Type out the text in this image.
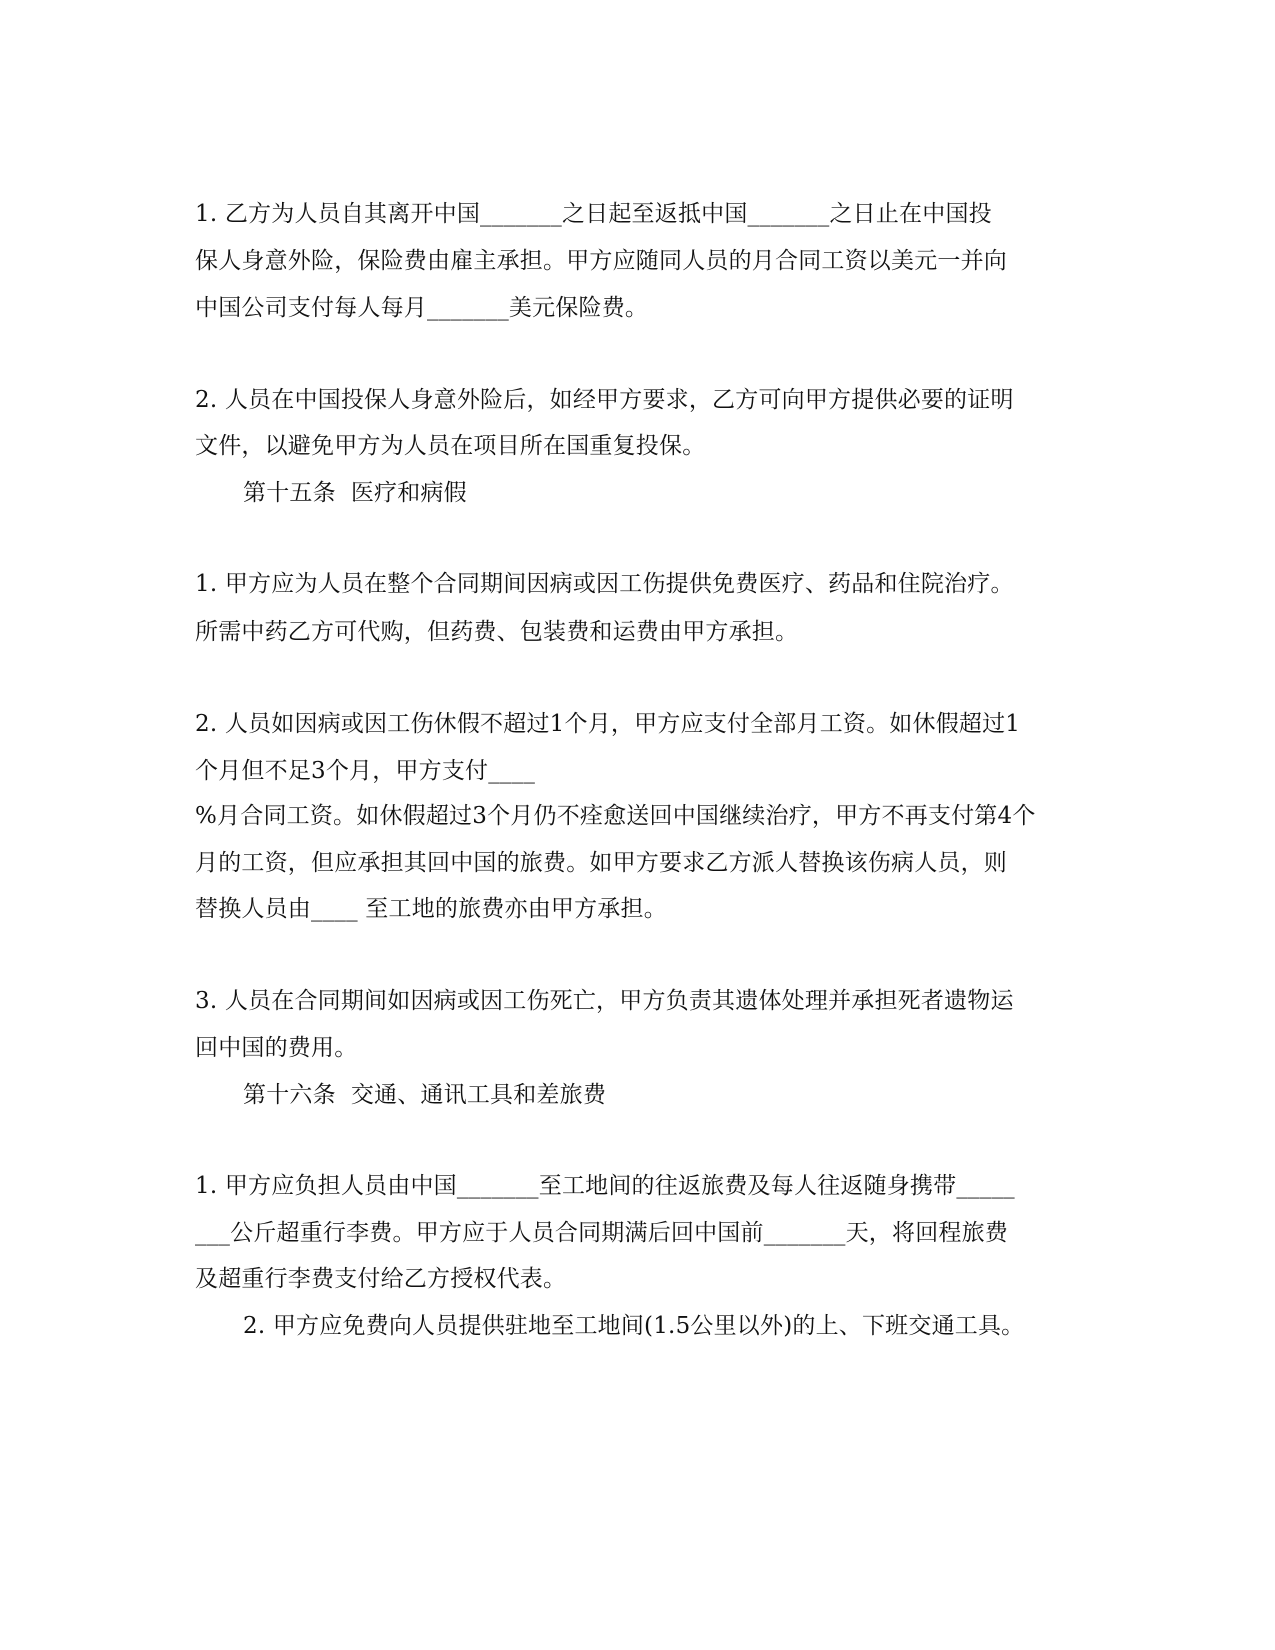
1. 乙方为人员自其离开中国_______之日起至返抵中国_______之日止在中国投
保人身意外险，保险费由雇主承担。甲方应随同人员的月合同工资以美元一并向
中国公司支付每人每月_______美元保险费。
2. 人员在中国投保人身意外险后，如经甲方要求，乙方可向甲方提供必要的证明
文件，以避免甲方为人员在项目所在国重复投保。
第十五条  医疗和病假
1. 甲方应为人员在整个合同期间因病或因工伤提供免费医疗、药品和住院治疗。
所需中药乙方可代购，但药费、包装费和运费由甲方承担。
2. 人员如因病或因工伤休假不超过1个月，甲方应支付全部月工资。如休假超过1
个月但不足3个月，甲方支付____
%月合同工资。如休假超过3个月仍不痊愈送回中国继续治疗，甲方不再支付第4个
月的工资，但应承担其回中国的旅费。如甲方要求乙方派人替换该伤病人员，则
替换人员由____ 至工地的旅费亦由甲方承担。
3. 人员在合同期间如因病或因工伤死亡，甲方负责其遗体处理并承担死者遗物运
回中国的费用。
第十六条  交通、通讯工具和差旅费
1. 甲方应负担人员由中国_______至工地间的往返旅费及每人往返随身携带_____
___公斤超重行李费。甲方应于人员合同期满后回中国前_______天，将回程旅费
及超重行李费支付给乙方授权代表。
2. 甲方应免费向人员提供驻地至工地间(1.5公里以外)的上、下班交通工具。
